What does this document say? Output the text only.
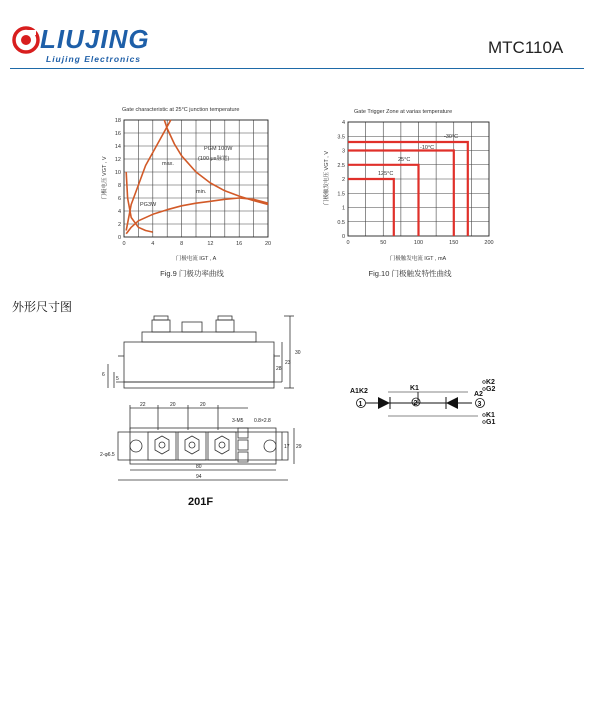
LIUJING
Liujing Electronics
MTC110A
Gate characteristic at 25°C junction temperature
0	4	8	12	16	20
0
2
4
6
8
10
12
14
16
18
门极电压 VGT , V
门极电流 IGT , A
PGM 100W
(100 μs脉宽)
max.
min.
PG3W
Fig.9 门极功率曲线
Gate Trigger Zone at varias temperature
0	50	100	150	200
0
0.5
1
1.5
2
2.5
3
3.5
4
门极触发电压 VGT , V
门极触发电流 IGT , mA
-30°C
-10°C
25°C
125°C
Fig.10 门极触发特性曲线
外形尺寸图
30
23
28
6
5
22	20	20
3-M5 0.8×2.8
2-φ6.5
80
94
17 29
201F
A1K2
1
K1
2
K2
G2
A2
3
K1
G1
